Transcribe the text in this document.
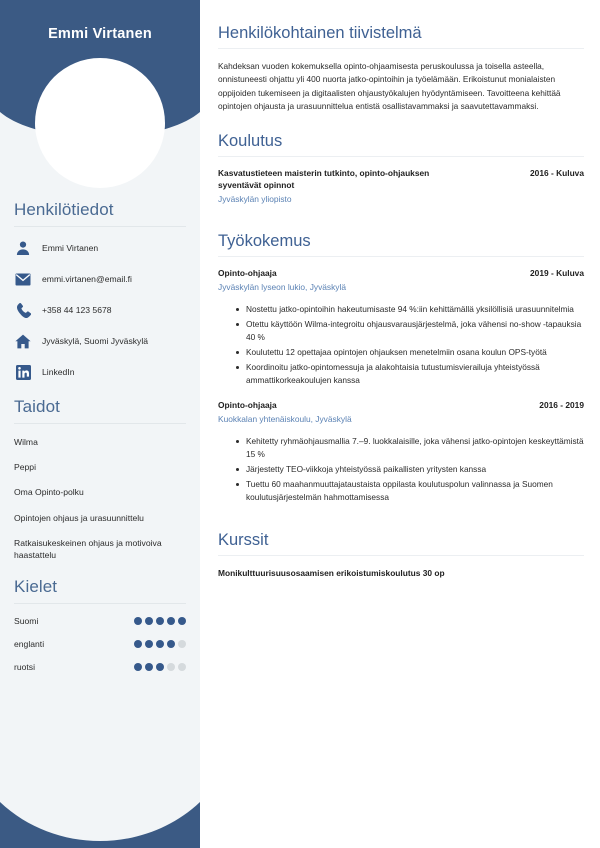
Emmi Virtanen
Henkilötiedot
Emmi Virtanen
emmi.virtanen@email.fi
+358 44 123 5678
Jyväskylä, Suomi Jyväskylä
LinkedIn
Taidot
Wilma
Peppi
Oma Opinto-polku
Opintojen ohjaus ja urasuunnittelu
Ratkaisukeskeinen ohjaus ja motivoiva haastattelu
Kielet
Suomi
englanti
ruotsi
Henkilökohtainen tiivistelmä

Kahdeksan vuoden kokemuksella opinto-ohjaamisesta peruskoulussa ja toisella asteella, onnistuneesti ohjattu yli 400 nuorta jatko-opintoihin ja työelämään. Erikoistunut monialaisten oppijoiden tukemiseen ja digitaalisten ohjaustyökalujen hyödyntämiseen. Tavoitteena kehittää opintojen ohjausta ja urasuunnittelua entistä osallistavammaksi ja saavutettavammaksi.

Koulutus
Kasvatustieteen maisterin tutkinto, opinto-ohjauksen syventävät opinnot
2016 - Kuluva
Jyväskylän yliopisto
Työkokemus
Opinto-ohjaaja	2019 - Kuluva
Jyväskylän lyseon lukio, Jyväskylä
Nostettu jatko-opintoihin hakeutumisaste 94 %:iin kehittämällä yksilöllisiä urasuunnitelmia
Otettu käyttöön Wilma-integroitu ohjausvarausjärjestelmä, joka vähensi no-show -tapauksia 40 %
Koulutettu 12 opettajaa opintojen ohjauksen menetelmiin osana koulun OPS-työtä
Koordinoitu jatko-opintomessuja ja alakohtaisia tutustumisvierailuja yhteistyössä ammattikorkeakoulujen kanssa
Opinto-ohjaaja	2016 - 2019
Kuokkalan yhtenäiskoulu, Jyväskylä
Kehitetty ryhmäohjausmallia 7.–9. luokkalaisille, joka vähensi jatko-opintojen keskeyttämistä 15 %
Järjestetty TEO-viikkoja yhteistyössä paikallisten yritysten kanssa
Tuettu 60 maahanmuuttajataustaista oppilasta koulutuspolun valinnassa ja Suomen koulutusjärjestelmän hahmottamisessa
Kurssit
Monikulttuurisuusosaamisen erikoistumiskoulutus 30 op
